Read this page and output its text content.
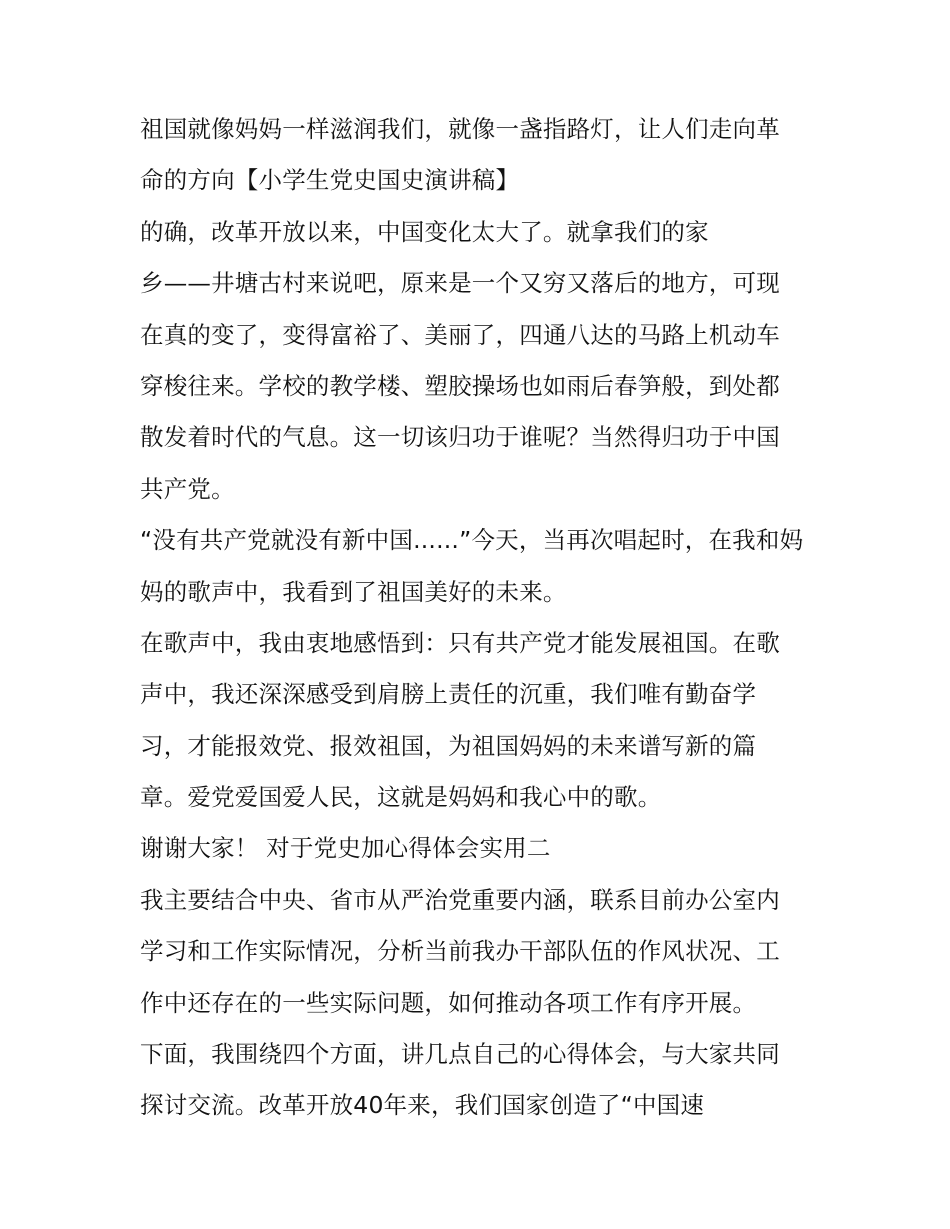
祖国就像妈妈一样滋润我们，就像一盏指路灯，让人们走向革
命的方向【小学生党史国史演讲稿】

的确，改革开放以来，中国变化太大了。就拿我们的家
乡——井塘古村来说吧，原来是一个又穷又落后的地方，可现
在真的变了，变得富裕了、美丽了，四通八达的马路上机动车
穿梭往来。学校的教学楼、塑胶操场也如雨后春笋般，到处都
散发着时代的气息。这一切该归功于谁呢？当然得归功于中国
共产党。

“没有共产党就没有新中国......”今天，当再次唱起时，在我和妈
妈的歌声中，我看到了祖国美好的未来。

在歌声中，我由衷地感悟到：只有共产党才能发展祖国。在歌
声中，我还深深感受到肩膀上责任的沉重，我们唯有勤奋学
习，才能报效党、报效祖国，为祖国妈妈的未来谱写新的篇
章。爱党爱国爱人民，这就是妈妈和我心中的歌。

谢谢大家！ 对于党史加心得体会实用二

我主要结合中央、省市从严治党重要内涵，联系目前办公室内
学习和工作实际情况，分析当前我办干部队伍的作风状况、工
作中还存在的一些实际问题，如何推动各项工作有序开展。

下面，我围绕四个方面，讲几点自己的心得体会，与大家共同
探讨交流。改革开放40年来，我们国家创造了“中国速
